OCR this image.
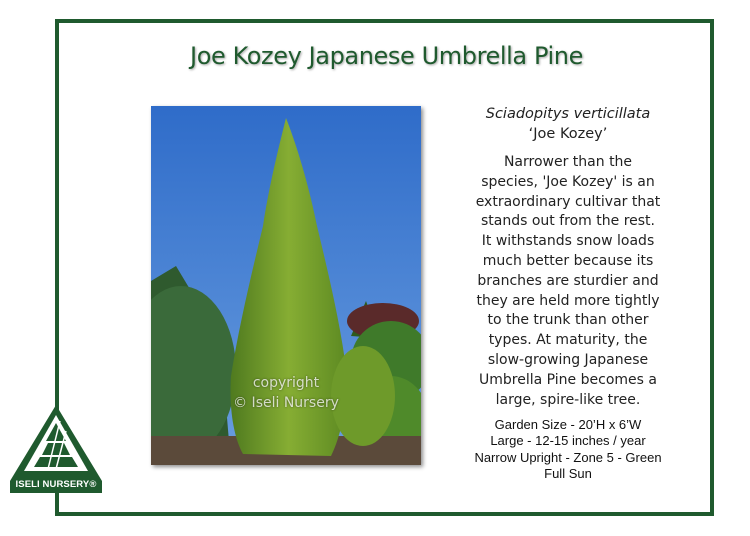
Joe Kozey Japanese Umbrella Pine
copyright
© Iseli Nursery
Sciadopitys verticillata
‘Joe Kozey’
Narrower than the species, 'Joe Kozey' is an extraordinary cultivar that stands out from the rest. It withstands snow loads much better because its branches are sturdier and they are held more tightly to the trunk than other types. At maturity, the slow-growing Japanese Umbrella Pine becomes a large, spire-like tree.
Garden Size - 20’H x 6’W
Large - 12-15 inches / year
Narrow Upright - Zone 5 - Green
Full Sun
ISELI NURSERY®
